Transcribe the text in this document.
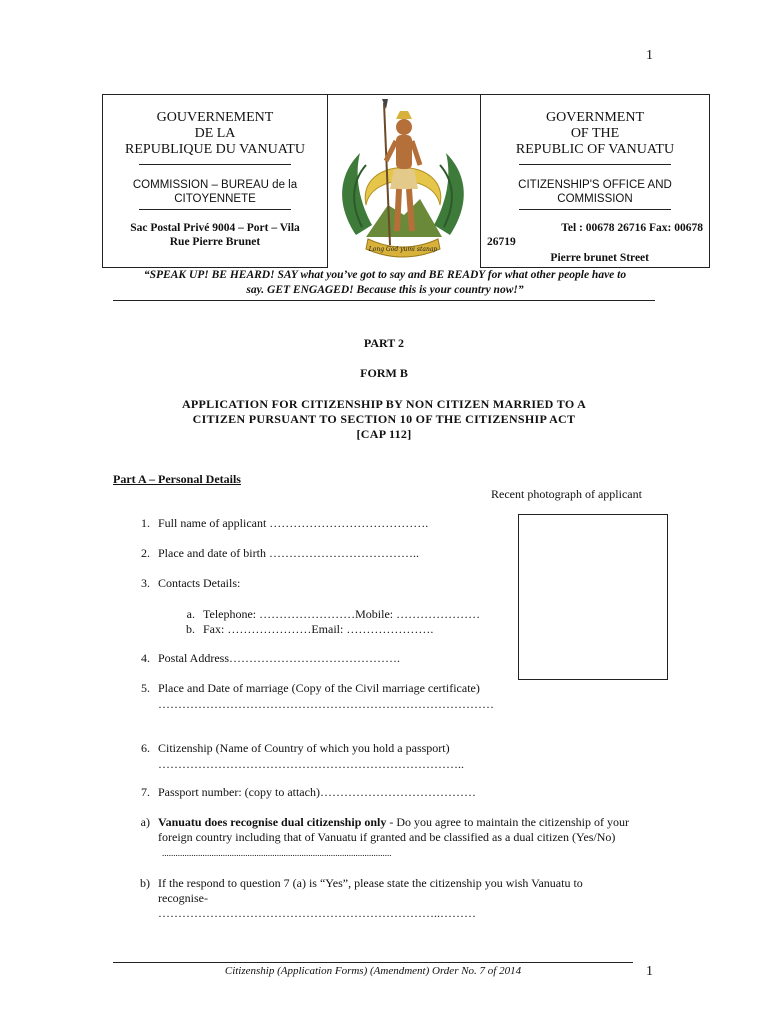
1
GOUVERNEMENT
DE LA
REPUBLIQUE DU VANUATU
COMMISSION – BUREAU de la
CITOYENNETE
Sac Postal Privé 9004 – Port – Vila
Rue Pierre Brunet
Long God yumi stanap
GOVERNMENT
OF THE
REPUBLIC OF VANUATU
CITIZENSHIP'S OFFICE AND
COMMISSION
Tel : 00678 26716 Fax: 00678
26719
Pierre brunet Street
“SPEAK UP! BE HEARD! SAY what you’ve got to say and BE READY for what other people have to
say. GET ENGAGED! Because this is your country now!”
PART 2
FORM B
APPLICATION FOR CITIZENSHIP BY NON CITIZEN MARRIED TO A
CITIZEN PURSUANT TO SECTION 10 OF THE CITIZENSHIP ACT
[CAP 112]
Part A – Personal Details
Recent photograph of applicant
1. Full name of applicant ………………………………….
2. Place and date of birth ………………………………..
3. Contacts Details:
a. Telephone: ……………………Mobile: …………………
b. Fax: …………………Email: ………………….
4. Postal Address…………………………………….
5. Place and Date of marriage (Copy of the Civil marriage certificate)
…………………………………………………………………………
6. Citizenship (Name of Country of which you hold a passport)
…………………………………………………………………..
7. Passport number: (copy to attach)…………………………………
a) Vanuatu does recognise dual citizenship only - Do you agree to maintain the citizenship of your
foreign country including that of Vanuatu if granted and be classified as a dual citizen (Yes/No)
......................................................................................................
b) If the respond to question 7 (a) is “Yes”, please state the citizenship you wish Vanuatu to
recognise-
……………………………………………………………..………
Citizenship (Application Forms) (Amendment) Order No. 7 of 2014	1
